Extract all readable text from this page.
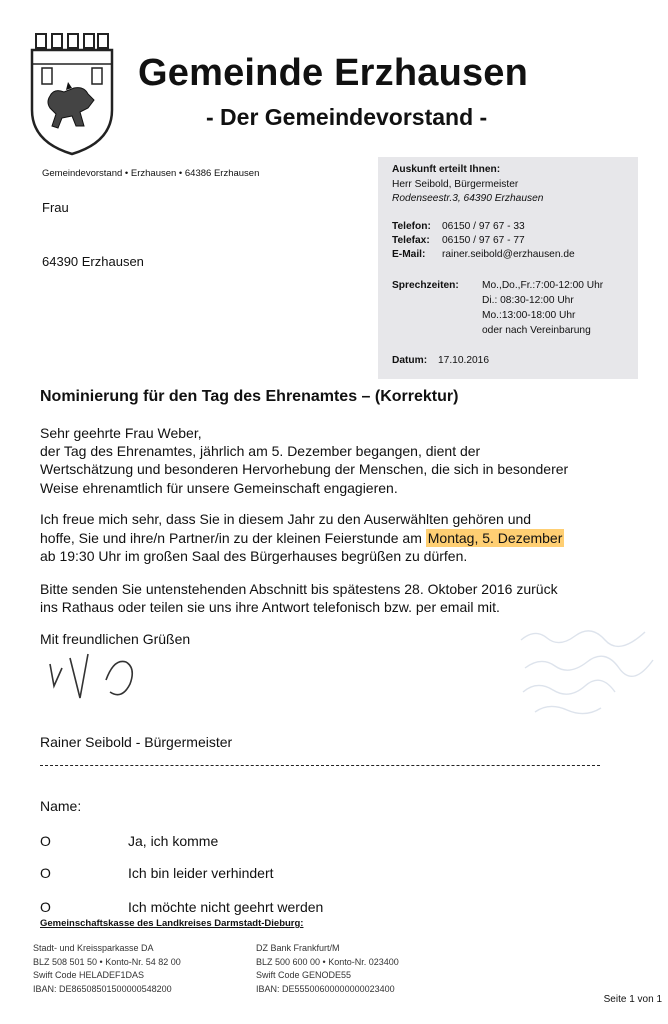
Gemeinde Erzhausen
- Der Gemeindevorstand -
Gemeindevorstand • Erzhausen • 64386 Erzhausen
Frau
64390 Erzhausen
Auskunft erteilt Ihnen:
Herr Seibold, Bürgermeister
Rodenseestr.3, 64390 Erzhausen
Telefon: 06150 / 97 67 - 33
Telefax: 06150 / 97 67 - 77
E-Mail: rainer.seibold@erzhausen.de
Sprechzeiten: Mo.,Do.,Fr.:7:00-12:00 Uhr
Di.: 08:30-12:00 Uhr
Mo.:13:00-18:00 Uhr
oder nach Vereinbarung
Datum: 17.10.2016
Nominierung für den Tag des Ehrenamtes – (Korrektur)
Sehr geehrte Frau Weber,
der Tag des Ehrenamtes, jährlich am 5. Dezember begangen, dient der
Wertschätzung und besonderen Hervorhebung der Menschen, die sich in besonderer
Weise ehrenamtlich für unsere Gemeinschaft engagieren.
Ich freue mich sehr, dass Sie in diesem Jahr zu den Auserwählten gehören und
hoffe, Sie und ihre/n Partner/in zu der kleinen Feierstunde am Montag, 5. Dezember
ab 19:30 Uhr im großen Saal des Bürgerhauses begrüßen zu dürfen.
Bitte senden Sie untenstehenden Abschnitt bis spätestens 28. Oktober 2016 zurück
ins Rathaus oder teilen sie uns ihre Antwort telefonisch bzw. per email mit.
Mit freundlichen Grüßen
Rainer Seibold - Bürgermeister
Name:
O	Ja, ich komme
O	Ich bin leider verhindert
O	Ich möchte nicht geehrt werden
Gemeinschaftskasse des Landkreises Darmstadt-Dieburg:
Stadt- und Kreissparkasse DA
BLZ 508 501 50 • Konto-Nr. 54 82 00
Swift Code HELADEF1DAS
IBAN: DE86508501500000548200
DZ Bank Frankfurt/M
BLZ 500 600 00 • Konto-Nr. 023400
Swift Code GENODE55
IBAN: DE55500600000000023400
Seite 1 von 1
